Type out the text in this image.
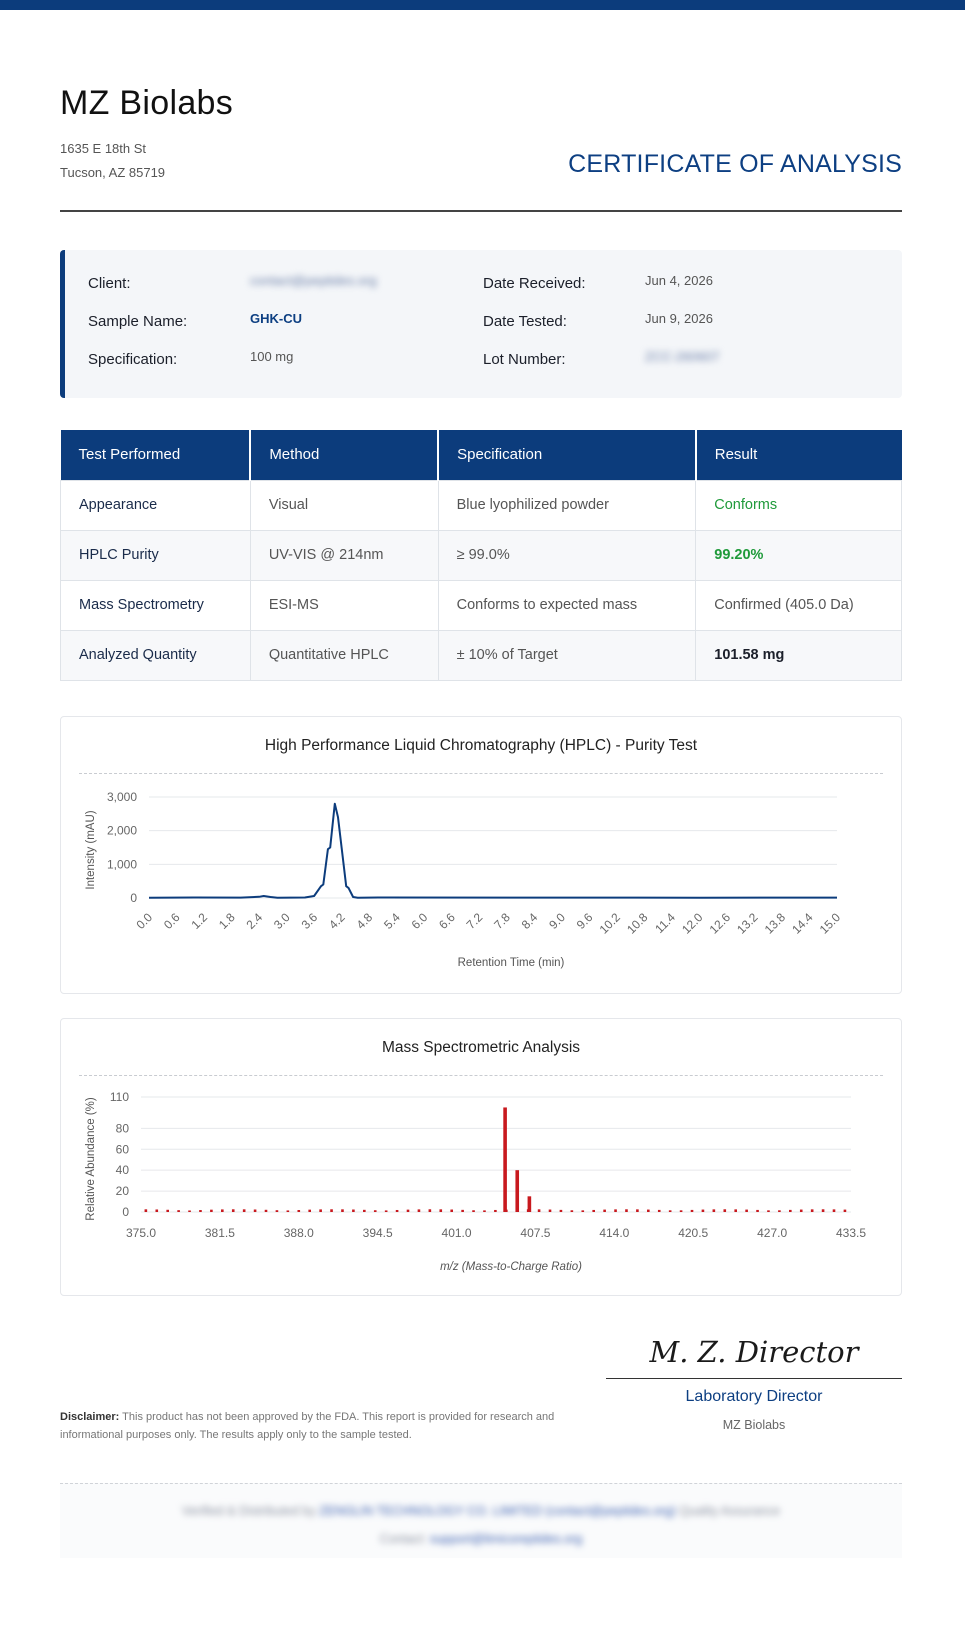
MZ Biolabs
1635 E 18th St
Tucson, AZ 85719	CERTIFICATE OF ANALYSIS
Client:	contact@peptides.org
Sample Name:	GHK-CU
Specification:	100 mg
Date Received:	Jun 4, 2026
Date Tested:	Jun 9, 2026
Lot Number:	ZCC-260607
Test Performed	Method	Specification	Result
Appearance	Visual	Blue lyophilized powder	Conforms
HPLC Purity	UV-VIS @ 214nm	≥ 99.0%	99.20%
Mass Spectrometry	ESI-MS	Conforms to expected mass	Confirmed (405.0 Da)
Analyzed Quantity	Quantitative HPLC	± 10% of Target	101.58 mg
High Performance Liquid Chromatography (HPLC) - Purity Test
Intensity (mAU)
Retention Time (min)
0
1,000
2,000
3,000
0.0 0.6 1.2 1.8 2.4 3.0 3.6 4.2 4.8 5.4 6.0 6.6 7.2 7.8 8.4 9.0 9.6 10.2 10.8 11.4 12.0 12.6 13.2 13.8 14.4 15.0
Mass Spectrometric Analysis
Relative Abundance (%)
m/z (Mass-to-Charge Ratio)
0
20
40
60
80
110
375.0	381.5	388.0	394.5	401.0	407.5	414.0	420.5	427.0	433.5
M. Z. Director
Laboratory Director
MZ Biolabs
Disclaimer: This product has not been approved by the FDA. This report is provided for research and informational purposes only. The results apply only to the sample tested.
Verified & Distributed by ZENGLIN TECHNOLOGY CO. LIMITED (contact@peptides.org) Quality Assurance
Contact: support@limicoreptides.org
